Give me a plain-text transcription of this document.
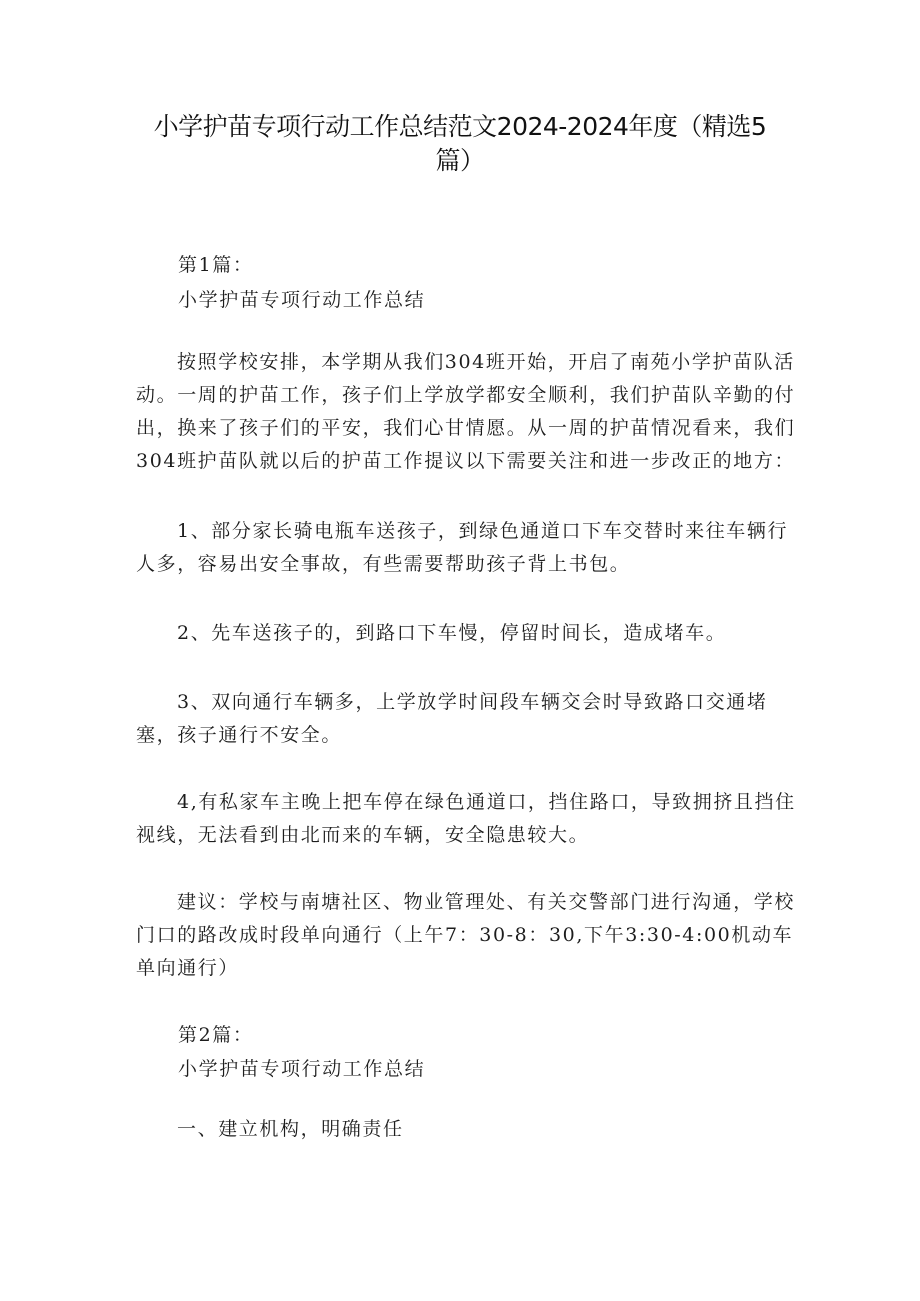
小学护苗专项行动工作总结范文2024-2024年度（精选5篇）
第1篇：
小学护苗专项行动工作总结
按照学校安排，本学期从我们304班开始，开启了南苑小学护苗队活动。一周的护苗工作，孩子们上学放学都安全顺利，我们护苗队辛勤的付出，换来了孩子们的平安，我们心甘情愿。从一周的护苗情况看来，我们304班护苗队就以后的护苗工作提议以下需要关注和进一步改正的地方：
1、部分家长骑电瓶车送孩子，到绿色通道口下车交替时来往车辆行人多，容易出安全事故，有些需要帮助孩子背上书包。
2、先车送孩子的，到路口下车慢，停留时间长，造成堵车。
3、双向通行车辆多，上学放学时间段车辆交会时导致路口交通堵塞，孩子通行不安全。
4,有私家车主晚上把车停在绿色通道口，挡住路口，导致拥挤且挡住视线，无法看到由北而来的车辆，安全隐患较大。
建议：学校与南塘社区、物业管理处、有关交警部门进行沟通，学校门口的路改成时段单向通行（上午7：30-8：30,下午3:30-4:00机动车单向通行）
第2篇：
小学护苗专项行动工作总结
一、建立机构，明确责任
